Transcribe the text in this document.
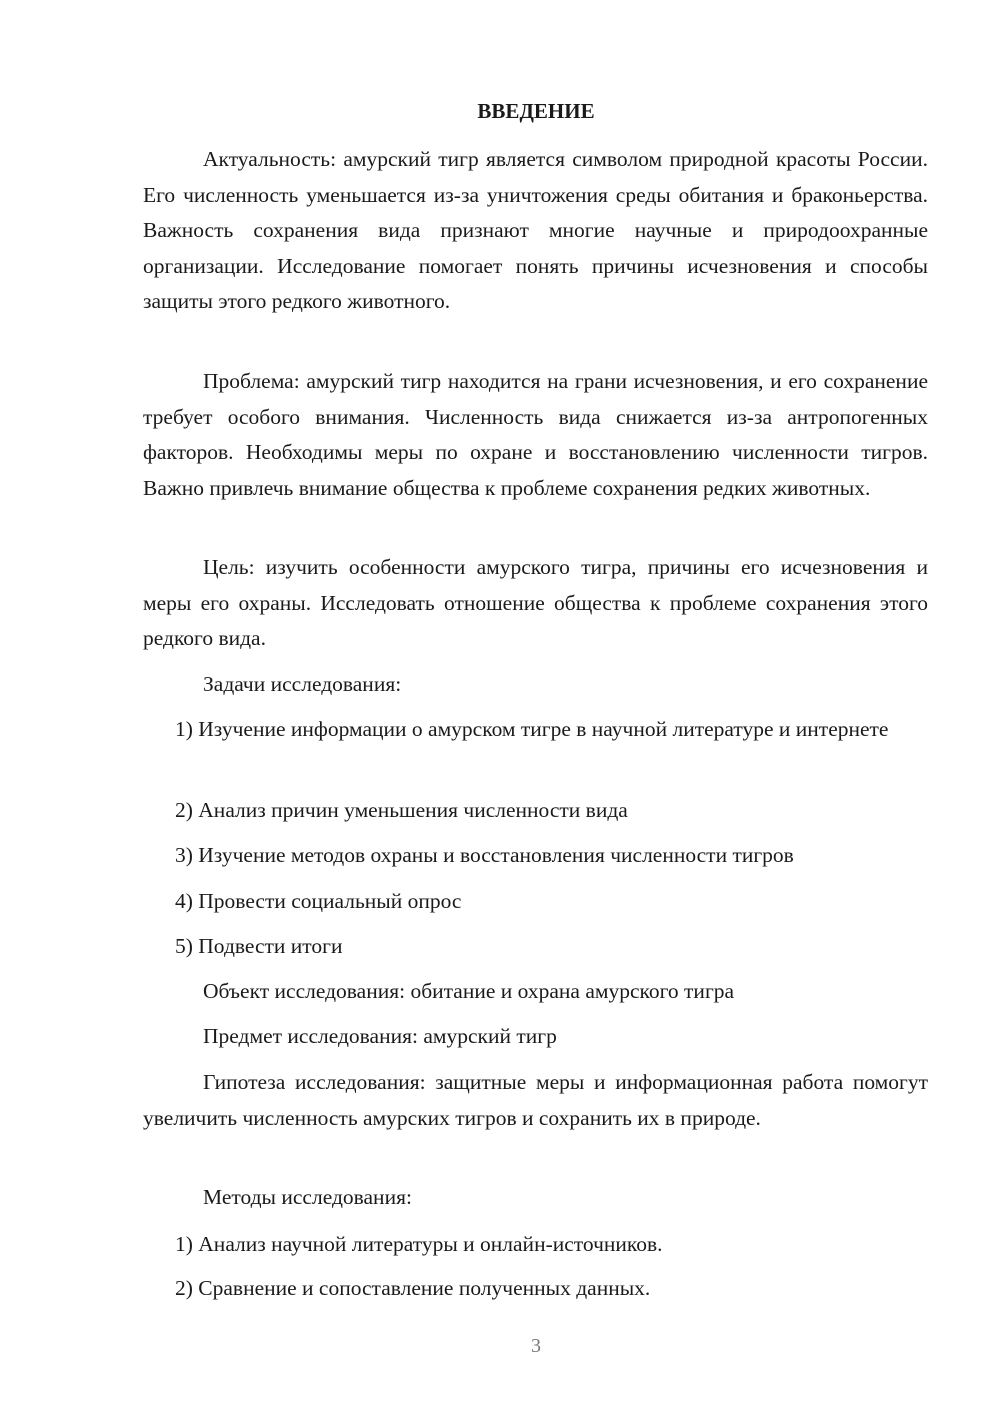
ВВЕДЕНИЕ

Актуальность: амурский тигр является символом природной красоты России. Его численность уменьшается из-за уничтожения среды обитания и браконьерства. Важность сохранения вида признают многие научные и природоохранные организации. Исследование помогает понять причины исчезновения и способы защиты этого редкого животного.

Проблема: амурский тигр находится на грани исчезновения, и его сохранение требует особого внимания. Численность вида снижается из-за антропогенных факторов. Необходимы меры по охране и восстановлению численности тигров. Важно привлечь внимание общества к проблеме сохранения редких животных.

Цель: изучить особенности амурского тигра, причины его исчезновения и меры его охраны. Исследовать отношение общества к проблеме сохранения этого редкого вида.

Задачи исследования:

1) Изучение информации о амурском тигре в научной литературе и интернете

2) Анализ причин уменьшения численности вида

3) Изучение методов охраны и восстановления численности тигров

4) Провести социальный опрос

5) Подвести итоги

Объект исследования: обитание и охрана амурского тигра

Предмет исследования: амурский тигр

Гипотеза исследования: защитные меры и информационная работа помогут увеличить численность амурских тигров и сохранить их в природе.

Методы исследования:

1) Анализ научной литературы и онлайн-источников.

2) Сравнение и сопоставление полученных данных.

3
